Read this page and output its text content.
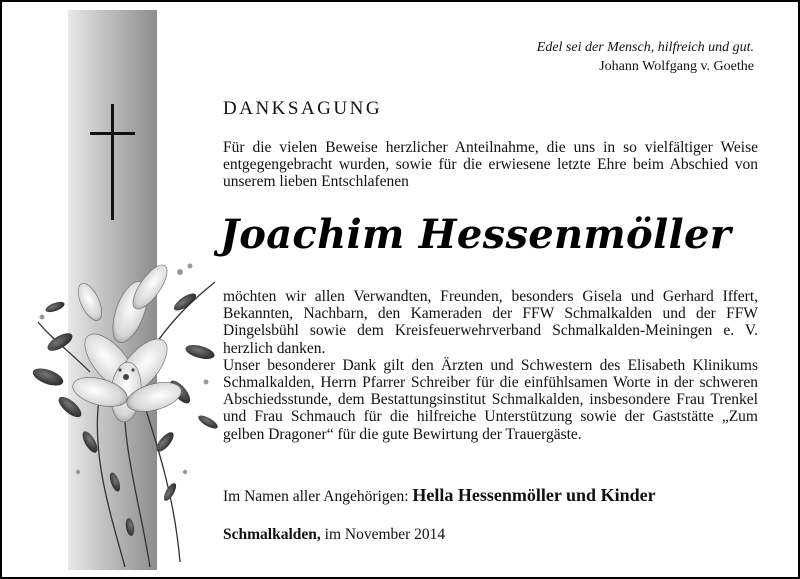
Edel sei der Mensch, hilfreich und gut.
Johann Wolfgang v. Goethe
DANKSAGUNG
Für die vielen Beweise herzlicher Anteilnahme, die uns in so vielfältiger Weise entgegengebracht wurden, sowie für die erwiesene letzte Ehre beim Abschied von unserem lieben Entschlafenen
Joachim Hessenmöller

möchten wir allen Verwandten, Freunden, besonders Gisela und Gerhard Iffert, Bekannten, Nachbarn, den Kameraden der FFW Schmalkalden und der FFW Dingelsbühl sowie dem Kreisfeuerwehrverband Schmalkalden-Meiningen e. V. herzlich danken.

Unser besonderer Dank gilt den Ärzten und Schwestern des Elisabeth Klinikums Schmalkalden, Herrn Pfarrer Schreiber für die einfühlsamen Worte in der schweren Abschiedsstunde, dem Bestattungsinstitut Schmalkalden, insbesondere Frau Trenkel und Frau Schmauch für die hilfreiche Unterstützung sowie der Gaststätte „Zum gelben Dragoner“ für die gute Bewirtung der Trauergäste.

Im Namen aller Angehörigen: Hella Hessenmöller und Kinder
Schmalkalden, im November 2014
